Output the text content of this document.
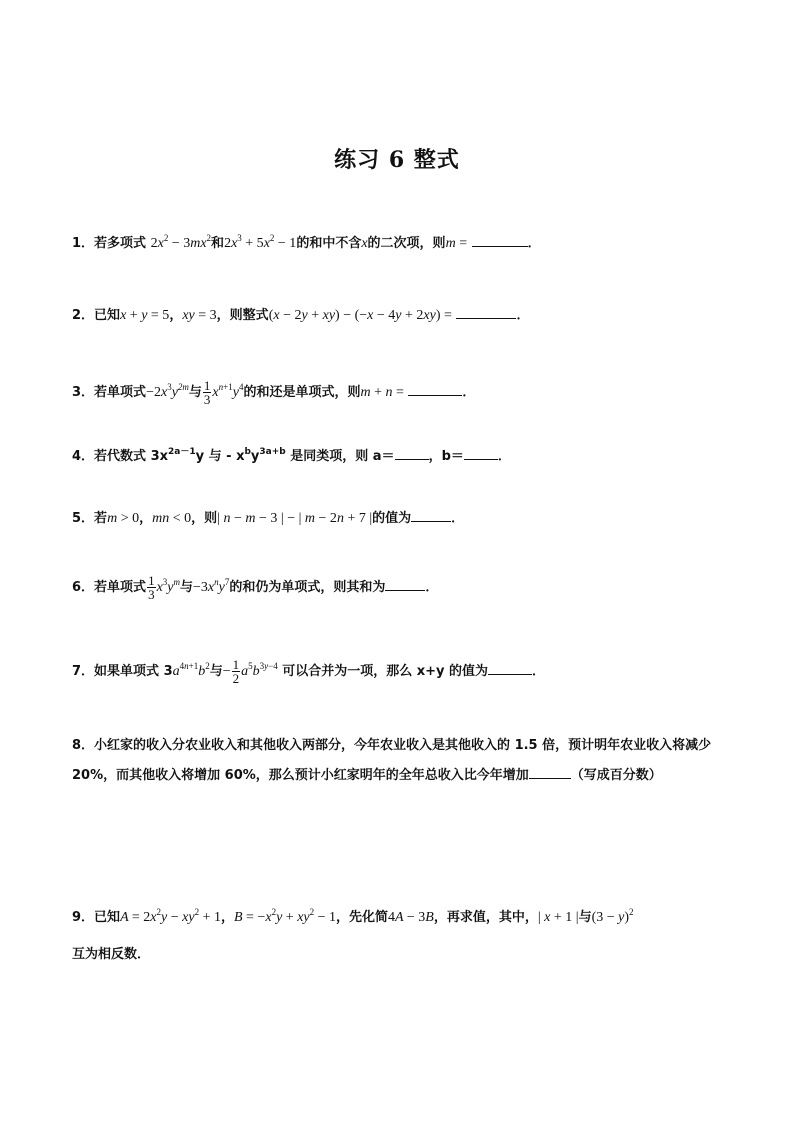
练习 6 整式
1．若多项式 $2x^2 - 3mx^2$和$2x^3 + 5x^2 - 1$的和中不含x的二次项，则m =	．
2．已知x + y = 5，xy = 3，则整式(x − 2y + xy) − (−x − 4y + 2xy) =	．
3．若单项式$-2x^3y^{2m}$与 $\frac{1}{3} x^{n+1}y^4$的和还是单项式，则m + n =	．
4．若代数式 $3x^{2a-1}y$ 与 - $x^by^{3a+b}$ 是同类项，则 a＝	，b＝	．
5．若m > 0，mn < 0，则| n − m − 3 | − | m − 2n + 7 |的值为	．
6．若单项式 $\frac{1}{3} x^3y^m$与$-3x^ny^7$的和仍为单项式，则其和为	．
7．如果单项式 $3a^{4n+1}b^2$与− $\frac{1}{2} a^5b^{3y-4}$ 可以合并为一项，那么 x+y 的值为	．
8．小红家的收入分农业收入和其他收入两部分，今年农业收入是其他收入的 1.5 倍，预计明年农业收入将减少 20%，而其他收入将增加 60%，那么预计小红家明年的全年总收入比今年增加	（写成百分数）
9．已知$A = 2x^2y - xy^2 + 1$，$B = -x^2y + xy^2 - 1$，先化简4A − 3B，再求值，其中，| x + 1 |与$(3 - y)^2$
互为相反数．
